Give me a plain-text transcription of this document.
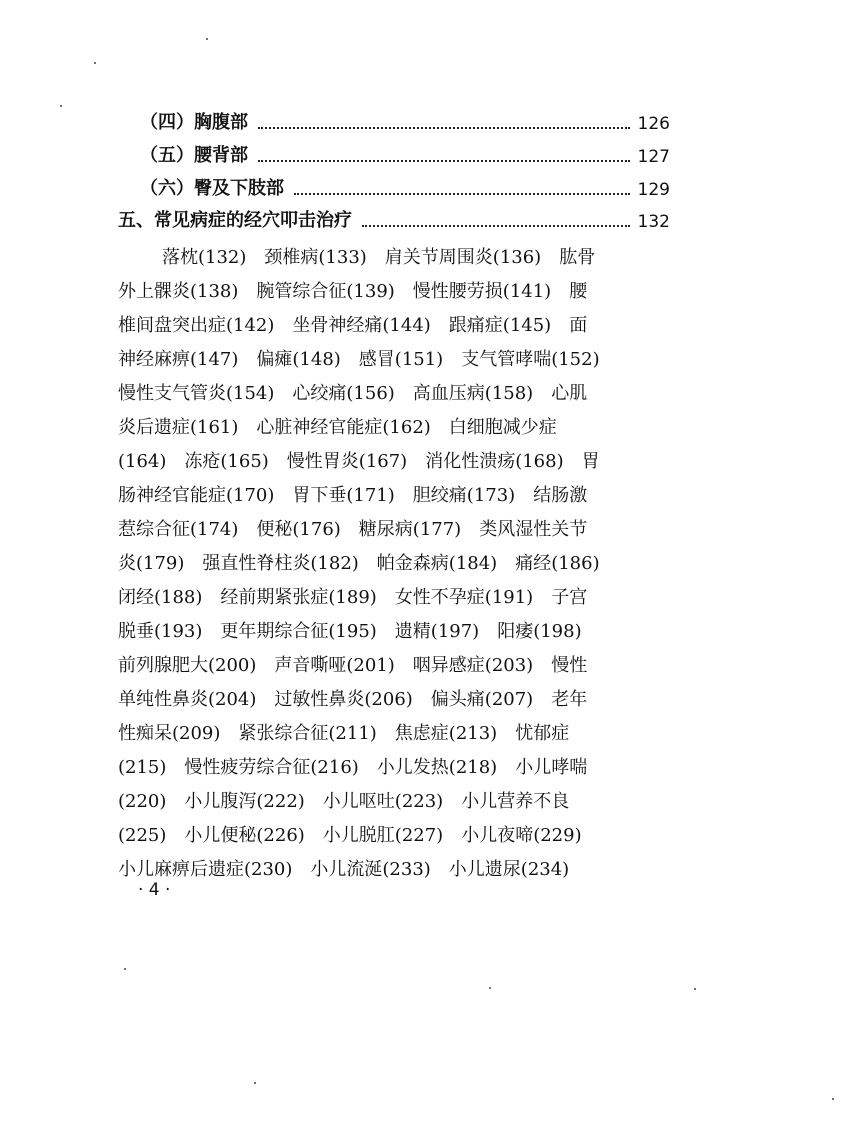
（四）胸腹部	126
（五）腰背部	127
（六）臀及下肢部	129
五、常见病症的经穴叩击治疗	132
落枕(132)　颈椎病(133)　肩关节周围炎(136)　肱骨
外上髁炎(138)　腕管综合征(139)　慢性腰劳损(141)　腰
椎间盘突出症(142)　坐骨神经痛(144)　跟痛症(145)　面
神经麻痹(147)　偏瘫(148)　感冒(151)　支气管哮喘(152)
慢性支气管炎(154)　心绞痛(156)　高血压病(158)　心肌
炎后遗症(161)　心脏神经官能症(162)　白细胞减少症
(164)　冻疮(165)　慢性胃炎(167)　消化性溃疡(168)　胃
肠神经官能症(170)　胃下垂(171)　胆绞痛(173)　结肠激
惹综合征(174)　便秘(176)　糖尿病(177)　类风湿性关节
炎(179)　强直性脊柱炎(182)　帕金森病(184)　痛经(186)
闭经(188)　经前期紧张症(189)　女性不孕症(191)　子宫
脱垂(193)　更年期综合征(195)　遗精(197)　阳痿(198)
前列腺肥大(200)　声音嘶哑(201)　咽异感症(203)　慢性
单纯性鼻炎(204)　过敏性鼻炎(206)　偏头痛(207)　老年
性痴呆(209)　紧张综合征(211)　焦虑症(213)　忧郁症
(215)　慢性疲劳综合征(216)　小儿发热(218)　小儿哮喘
(220)　小儿腹泻(222)　小儿呕吐(223)　小儿营养不良
(225)　小儿便秘(226)　小儿脱肛(227)　小儿夜啼(229)
小儿麻痹后遗症(230)　小儿流涎(233)　小儿遗尿(234)
· 4 ·
